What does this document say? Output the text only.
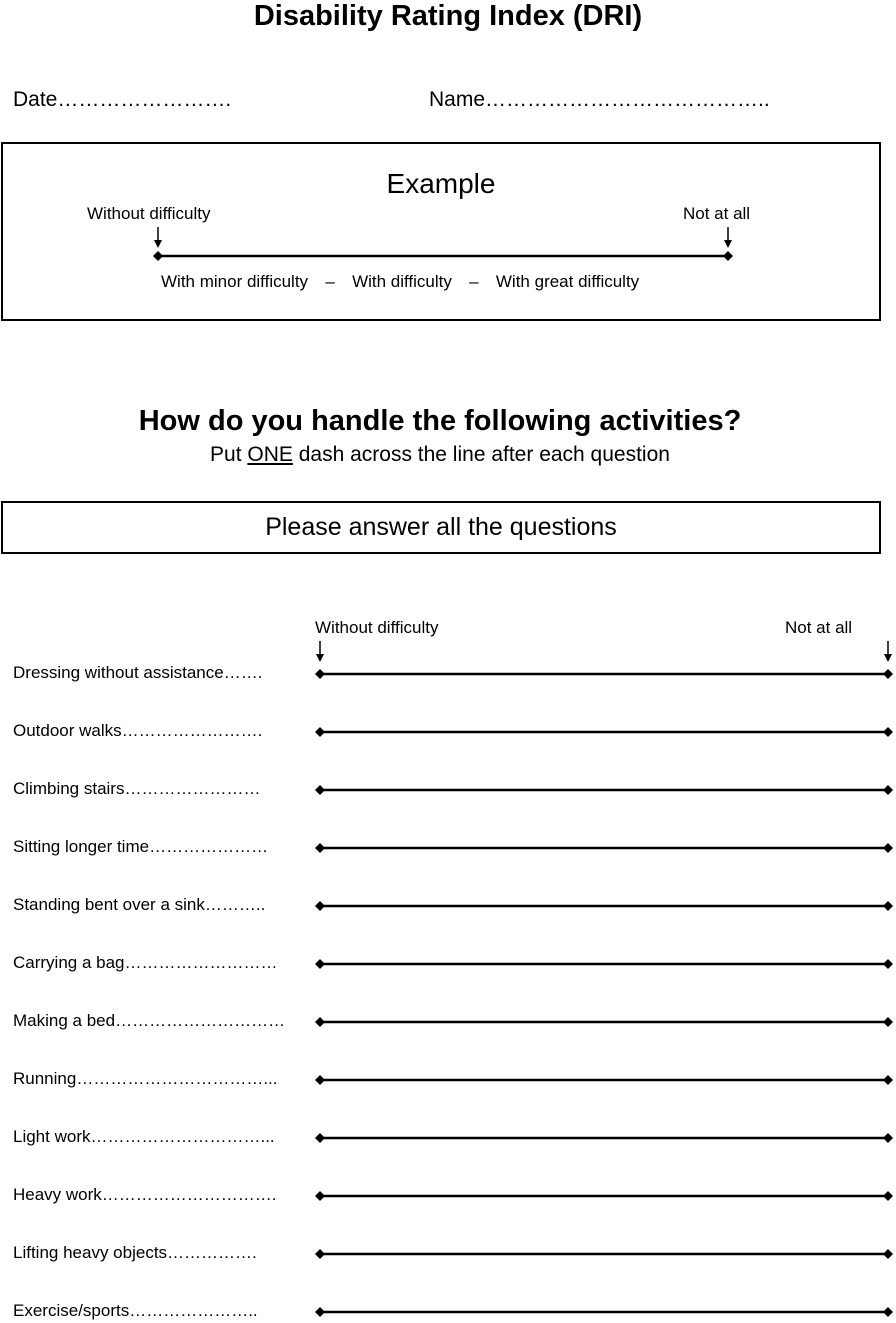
Disability Rating Index (DRI)
Date…………………….	Name…………………………………..
Example
Without difficulty	Not at all
With minor difficulty – With difficulty – With great difficulty
How do you handle the following activities?
Put ONE dash across the line after each question
Please answer all the questions
Without difficulty	Not at all
Dressing without assistance…….
Outdoor walks…………………….
Climbing stairs……………………
Sitting longer time…………………
Standing bent over a sink………..
Carrying a bag………………………
Making a bed…………………………
Running……………………………...
Light work…………………………...
Heavy work………………………….
Lifting heavy objects…………….
Exercise/sports…………………..
